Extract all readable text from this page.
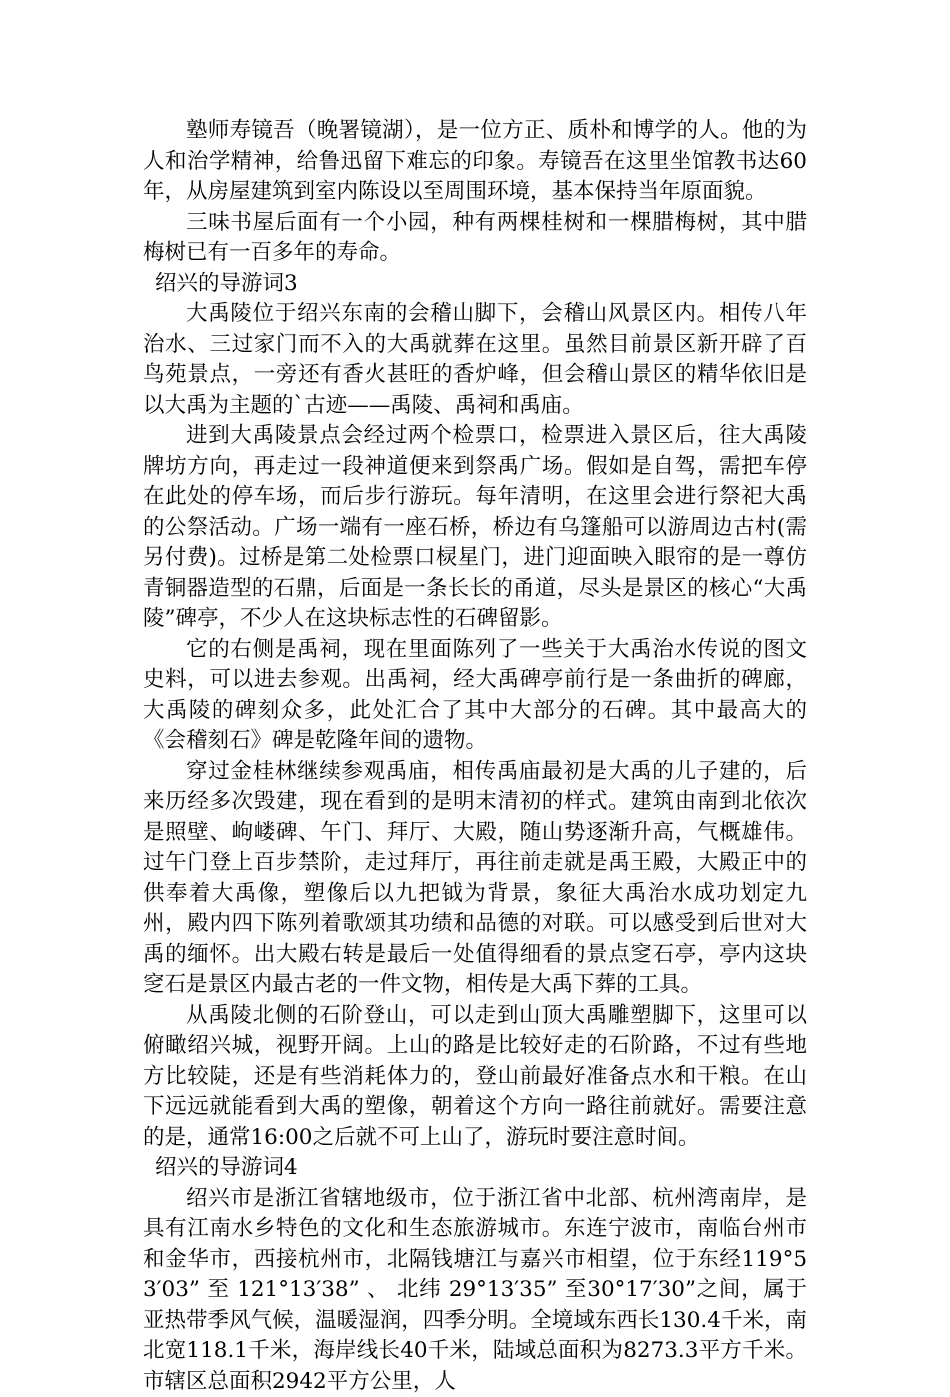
塾师寿镜吾（晚署镜湖），是一位方正、质朴和博学的人。他的为人和治学精神，给鲁迅留下难忘的印象。寿镜吾在这里坐馆教书达60年，从房屋建筑到室内陈设以至周围环境，基本保持当年原面貌。

三味书屋后面有一个小园，种有两棵桂树和一棵腊梅树，其中腊梅树已有一百多年的寿命。

绍兴的导游词3

大禹陵位于绍兴东南的会稽山脚下，会稽山风景区内。相传八年治水、三过家门而不入的大禹就葬在这里。虽然目前景区新开辟了百鸟苑景点，一旁还有香火甚旺的香炉峰，但会稽山景区的精华依旧是以大禹为主题的`古迹——禹陵、禹祠和禹庙。

进到大禹陵景点会经过两个检票口，检票进入景区后，往大禹陵牌坊方向，再走过一段神道便来到祭禹广场。假如是自驾，需把车停在此处的停车场，而后步行游玩。每年清明，在这里会进行祭祀大禹的公祭活动。广场一端有一座石桥，桥边有乌篷船可以游周边古村(需另付费)。过桥是第二处检票口棂星门，进门迎面映入眼帘的是一尊仿青铜器造型的石鼎，后面是一条长长的甬道，尽头是景区的核心“大禹陵”碑亭，不少人在这块标志性的石碑留影。

它的右侧是禹祠，现在里面陈列了一些关于大禹治水传说的图文史料，可以进去参观。出禹祠，经大禹碑亭前行是一条曲折的碑廊，大禹陵的碑刻众多，此处汇合了其中大部分的石碑。其中最高大的《会稽刻石》碑是乾隆年间的遗物。

穿过金桂林继续参观禹庙，相传禹庙最初是大禹的儿子建的，后来历经多次毁建，现在看到的是明末清初的样式。建筑由南到北依次是照壁、岣嵝碑、午门、拜厅、大殿，随山势逐渐升高，气概雄伟。过午门登上百步禁阶，走过拜厅，再往前走就是禹王殿，大殿正中的供奉着大禹像，塑像后以九把钺为背景，象征大禹治水成功划定九州，殿内四下陈列着歌颂其功绩和品德的对联。可以感受到后世对大禹的缅怀。出大殿右转是最后一处值得细看的景点窆石亭，亭内这块窆石是景区内最古老的一件文物，相传是大禹下葬的工具。

从禹陵北侧的石阶登山，可以走到山顶大禹雕塑脚下，这里可以俯瞰绍兴城，视野开阔。上山的路是比较好走的石阶路，不过有些地方比较陡，还是有些消耗体力的，登山前最好准备点水和干粮。在山下远远就能看到大禹的塑像，朝着这个方向一路往前就好。需要注意的是，通常16:00之后就不可上山了，游玩时要注意时间。

绍兴的导游词4

绍兴市是浙江省辖地级市，位于浙江省中北部、杭州湾南岸，是具有江南水乡特色的文化和生态旅游城市。东连宁波市，南临台州市和金华市，西接杭州市，北隔钱塘江与嘉兴市相望，位于东经119°53′03” 至 121°13′38” 、 北纬 29°13′35” 至30°17′30”之间，属于亚热带季风气候，温暖湿润，四季分明。全境域东西长130.4千米，南北宽118.1千米，海岸线长40千米，陆域总面积为8273.3平方千米。市辖区总面积2942平方公里，人
